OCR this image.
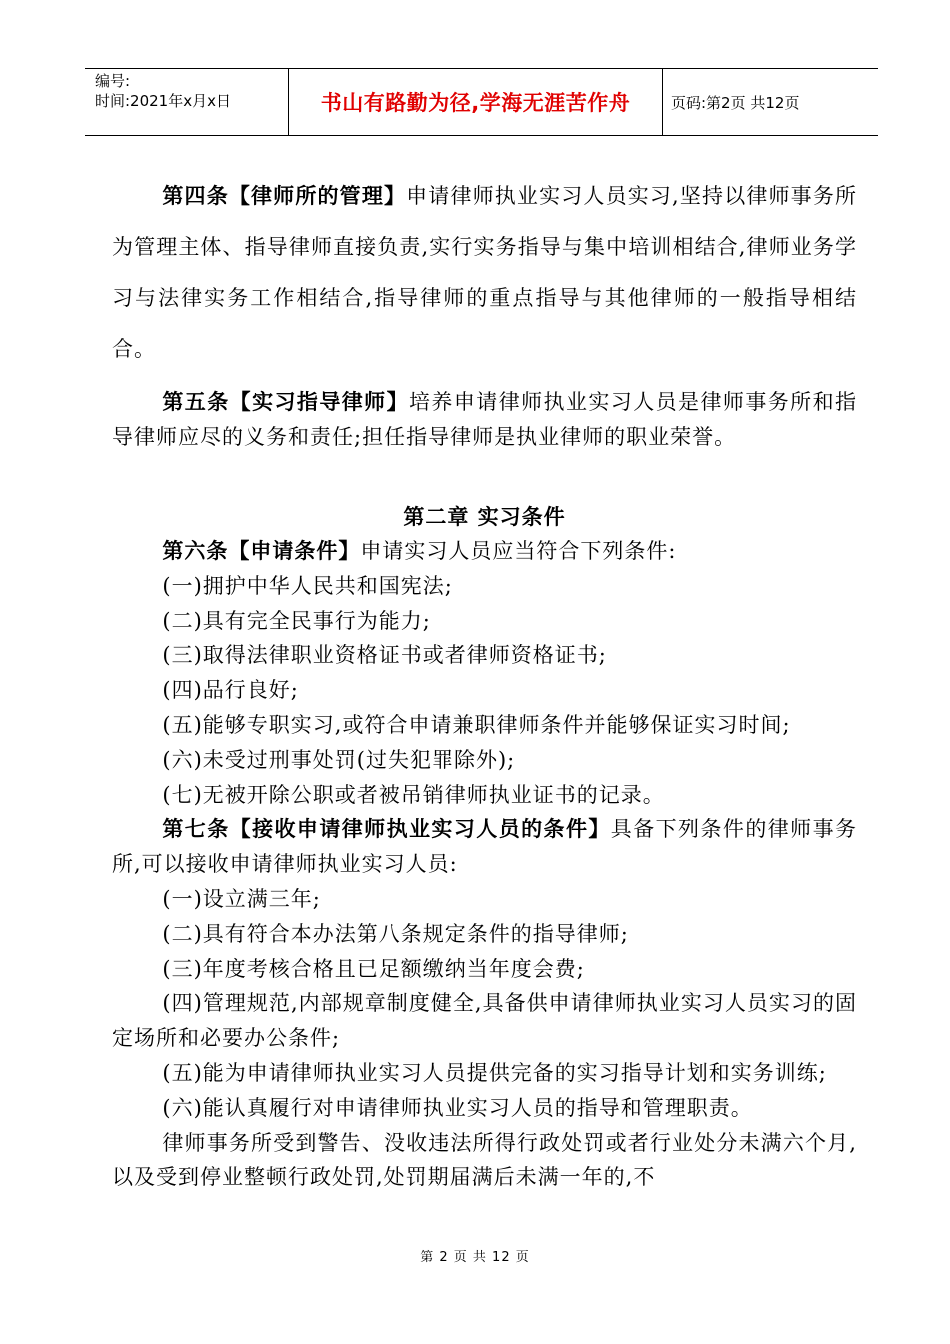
编号:
时间:2021年x月x日	书山有路勤为径,学海无涯苦作舟	页码:第2页 共12页

第四条【律师所的管理】申请律师执业实习人员实习,坚持以律师事务所为管理主体、指导律师直接负责,实行实务指导与集中培训相结合,律师业务学习与法律实务工作相结合,指导律师的重点指导与其他律师的一般指导相结合。

第五条【实习指导律师】培养申请律师执业实习人员是律师事务所和指导律师应尽的义务和责任;担任指导律师是执业律师的职业荣誉。

第二章 实习条件

第六条【申请条件】申请实习人员应当符合下列条件:

(一)拥护中华人民共和国宪法;

(二)具有完全民事行为能力;

(三)取得法律职业资格证书或者律师资格证书;

(四)品行良好;

(五)能够专职实习,或符合申请兼职律师条件并能够保证实习时间;

(六)未受过刑事处罚(过失犯罪除外);

(七)无被开除公职或者被吊销律师执业证书的记录。

第七条【接收申请律师执业实习人员的条件】具备下列条件的律师事务所,可以接收申请律师执业实习人员:

(一)设立满三年;

(二)具有符合本办法第八条规定条件的指导律师;

(三)年度考核合格且已足额缴纳当年度会费;

(四)管理规范,内部规章制度健全,具备供申请律师执业实习人员实习的固定场所和必要办公条件;

(五)能为申请律师执业实习人员提供完备的实习指导计划和实务训练;

(六)能认真履行对申请律师执业实习人员的指导和管理职责。

律师事务所受到警告、没收违法所得行政处罚或者行业处分未满六个月,以及受到停业整顿行政处罚,处罚期届满后未满一年的,不

第 2 页 共 12 页
